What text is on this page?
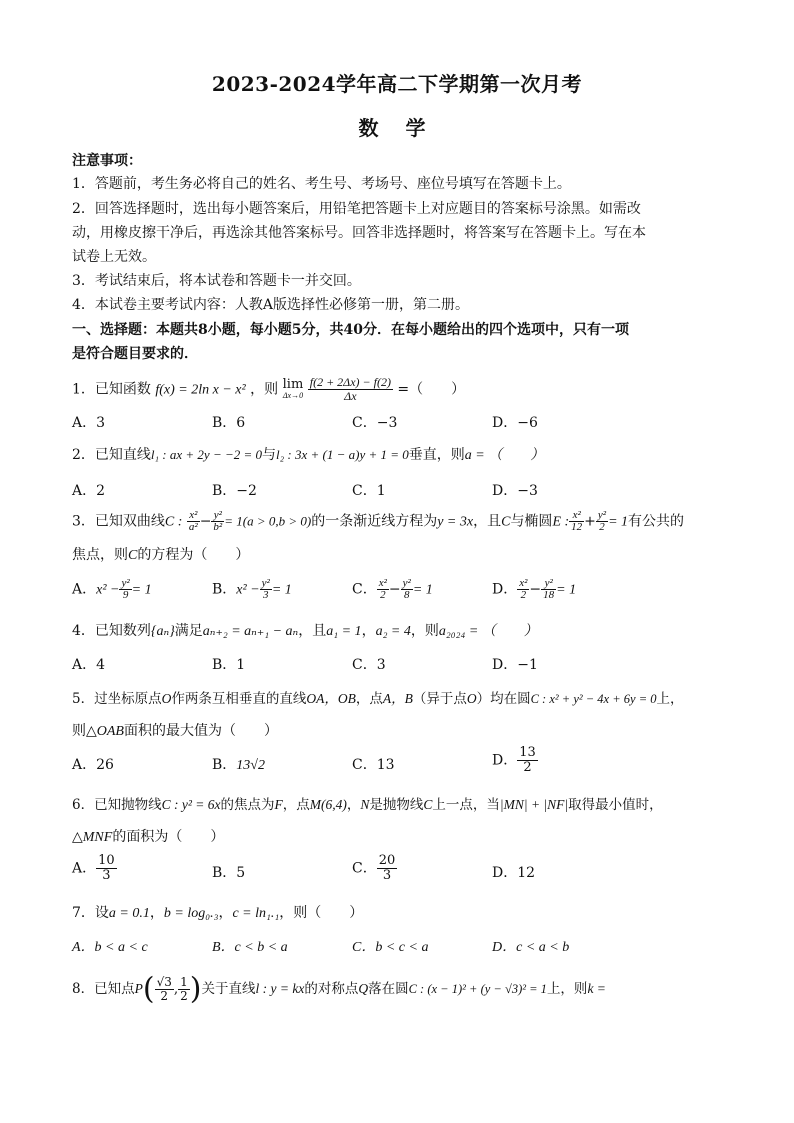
2023-2024学年高二下学期第一次月考
数 学
注意事项：
1．答题前，考生务必将自己的姓名、考生号、考场号、座位号填写在答题卡上。
2．回答选择题时，选出每小题答案后，用铅笔把答题卡上对应题目的答案标号涂黑。如需改
动，用橡皮擦干净后，再选涂其他答案标号。回答非选择题时，将答案写在答题卡上。写在本
试卷上无效。
3．考试结束后，将本试卷和答题卡一并交回。
4．本试卷主要考试内容：人教A版选择性必修第一册，第二册。
一、选择题：本题共8小题，每小题5分，共40分．在每小题给出的四个选项中，只有一项
是符合题目要求的．
1．已知函数 f(x) = 2ln x − x² ，则 lim
Δx→0
$\frac{f(2 + 2\Delta x) - f(2)}{\Delta x}$ =（　　）
A．3	B．6	C．−3	D．−6
2．已知直线l₁ : ax + 2y − −2 = 0与l₂ : 3x + (1 − a)y + 1 = 0垂直，则a = （　　）
A．2	B．−2	C．1	D．−3
3．已知双曲线C : $\frac{\text{x²}}{\text{a²}} - \frac{\text{y²}}{\text{b²}} = 1(a > 0,b > 0)$的一条渐近线方程为y = 3x，且C与椭圆E : $\frac{\text{x²}}{12} + \frac{\text{y²}}{2} = 1$有公共的
焦点，则C的方程为（　　）
A．$x^2 - \frac{\text{y²}}{9} = 1$	B．$x^2 - \frac{\text{y²}}{3} = 1$	C． $\frac{\text{x²}}{2} - \frac{\text{y²}}{8} = 1$	D． $\frac{\text{x²}}{2} - \frac{\text{y²}}{18} = 1$
4．已知数列{aₙ}满足aₙ₊₂ = aₙ₊₁ − aₙ，且a₁ = 1，a₂ = 4，则a₂₀₂₄ = （　　）
A．4	B．1	C．3	D．−1
5．过坐标原点O作两条互相垂直的直线OA，OB，点A，B（异于点O）均在圆C : x² + y² − 4x + 6y = 0上，
则△OAB面积的最大值为（　　）
A．26	B．13√2	C．13	D． $\frac{13}{2}$
6．已知抛物线C : y² = 6x的焦点为F，点M(6,4)，N是抛物线C上一点，当|MN| + |NF|取得最小值时，
△MNF的面积为（　　）
A． $\frac{10}{3}$	B．5	C． $\frac{20}{3}$	D．12
7．设a = 0.1，b = log₀.₃，c = ln₁.₁，则（　　）
A．b < a < c	B．c < b < a	C．b < c < a	D．c < a < b
8．已知点$P( \frac{√3}{2}$ , $\frac{1}{2}$ )关于直线l : y = kx的对称点Q落在圆C : (x − 1)² + (y − √3)² = 1上，则k =
